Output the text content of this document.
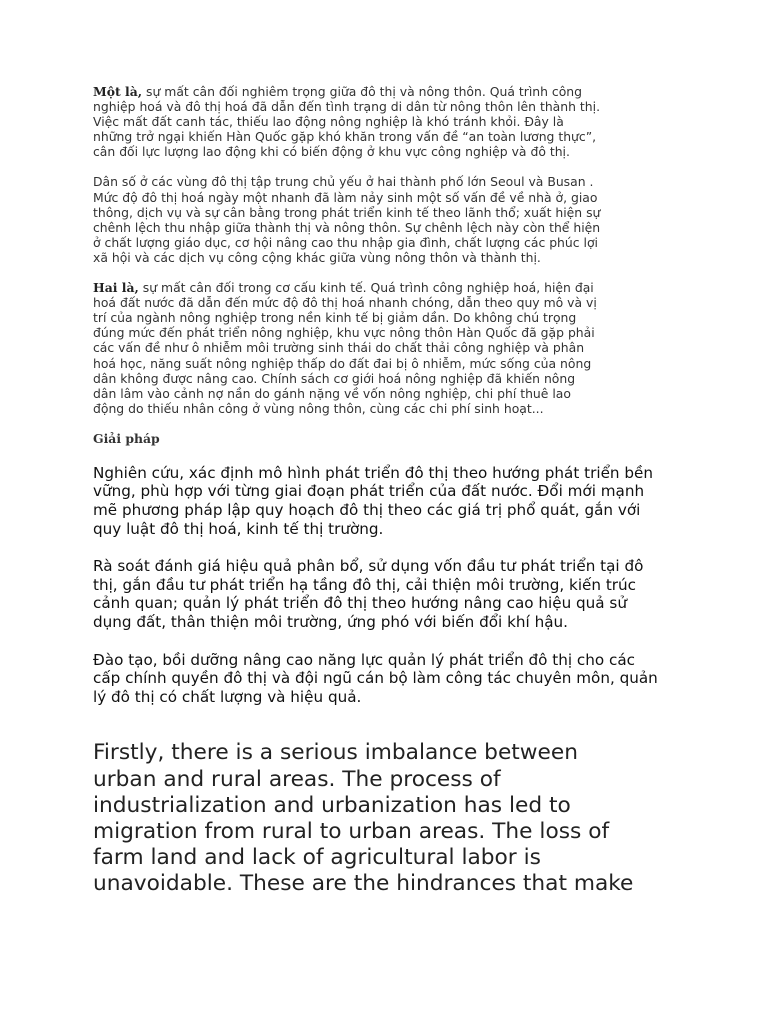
Một là, sự mất cân đối nghiêm trọng giữa đô thị và nông thôn. Quá trình công
nghiệp hoá và đô thị hoá đã dẫn đến tình trạng di dân từ nông thôn lên thành thị.
Việc mất đất canh tác, thiếu lao động nông nghiệp là khó tránh khỏi. Đây là
những trở ngại khiến Hàn Quốc gặp khó khăn trong vấn đề “an toàn lương thực”,
cân đối lực lượng lao động khi có biến động ở khu vực công nghiệp và đô thị.

Dân số ở các vùng đô thị tập trung chủ yếu ở hai thành phố lớn Seoul và Busan .
Mức độ đô thị hoá ngày một nhanh đã làm nảy sinh một số vấn đề về nhà ở, giao
thông, dịch vụ và sự cân bằng trong phát triển kinh tế theo lãnh thổ; xuất hiện sự
chênh lệch thu nhập giữa thành thị và nông thôn. Sự chênh lệch này còn thể hiện
ở chất lượng giáo dục, cơ hội nâng cao thu nhập gia đình, chất lượng các phúc lợi
xã hội và các dịch vụ công cộng khác giữa vùng nông thôn và thành thị.

Hai là, sự mất cân đối trong cơ cấu kinh tế. Quá trình công nghiệp hoá, hiện đại
hoá đất nước đã dẫn đến mức độ đô thị hoá nhanh chóng, dẫn theo quy mô và vị
trí của ngành nông nghiệp trong nền kinh tế bị giảm dần. Do không chú trọng
đúng mức đến phát triển nông nghiệp, khu vực nông thôn Hàn Quốc đã gặp phải
các vấn đề như ô nhiễm môi trường sinh thái do chất thải công nghiệp và phân
hoá học, năng suất nông nghiệp thấp do đất đai bị ô nhiễm, mức sống của nông
dân không được nâng cao. Chính sách cơ giới hoá nông nghiệp đã khiến nông
dân lâm vào cảnh nợ nần do gánh nặng về vốn nông nghiệp, chi phí thuê lao
động do thiếu nhân công ở vùng nông thôn, cùng các chi phí sinh hoạt...

Giải pháp

Nghiên cứu, xác định mô hình phát triển đô thị theo hướng phát triển bền
vững, phù hợp với từng giai đoạn phát triển của đất nước. Đổi mới mạnh
mẽ phương pháp lập quy hoạch đô thị theo các giá trị phổ quát, gắn với
quy luật đô thị hoá, kinh tế thị trường.

Rà soát đánh giá hiệu quả phân bổ, sử dụng vốn đầu tư phát triển tại đô
thị, gắn đầu tư phát triển hạ tầng đô thị, cải thiện môi trường, kiến trúc
cảnh quan; quản lý phát triển đô thị theo hướng nâng cao hiệu quả sử
dụng đất, thân thiện môi trường, ứng phó với biến đổi khí hậu.

Đào tạo, bồi dưỡng nâng cao năng lực quản lý phát triển đô thị cho các
cấp chính quyền đô thị và đội ngũ cán bộ làm công tác chuyên môn, quản
lý đô thị có chất lượng và hiệu quả.

Firstly, there is a serious imbalance between
urban and rural areas. The process of
industrialization and urbanization has led to
migration from rural to urban areas. The loss of
farm land and lack of agricultural labor is
unavoidable. These are the hindrances that make
